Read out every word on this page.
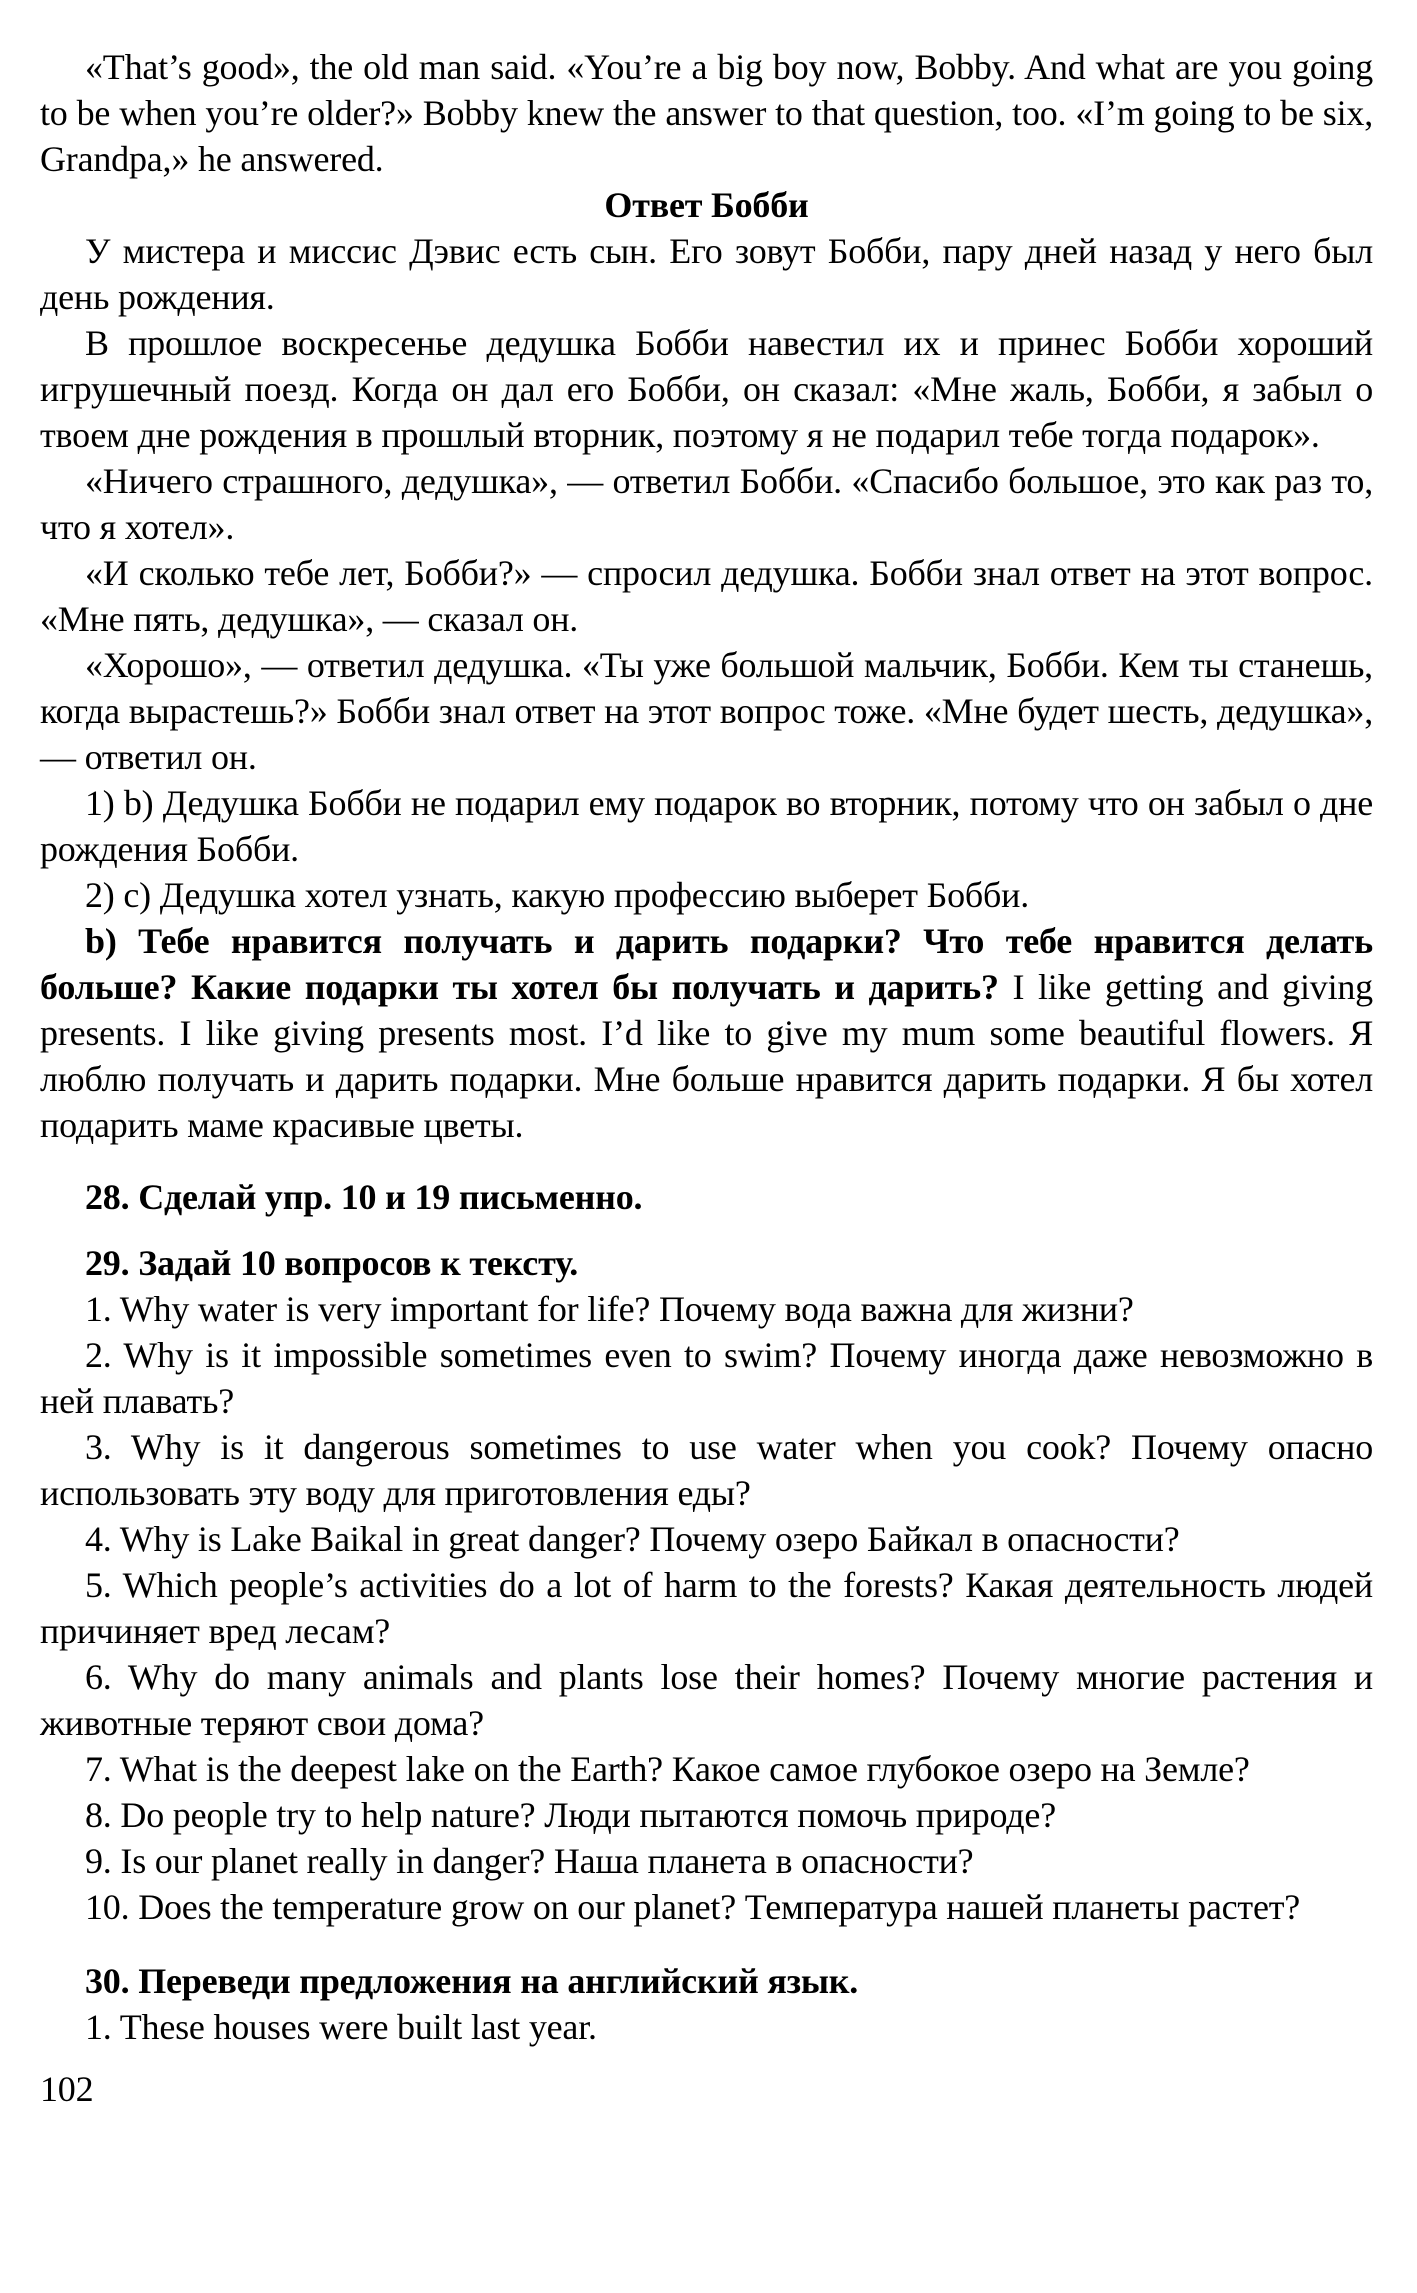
«That’s good», the old man said. «You’re a big boy now, Bobby. And what are you going to be when you’re older?» Bobby knew the answer to that question, too. «I’m going to be six, Grandpa,» he answered.

Ответ Бобби

У мистера и миссис Дэвис есть сын. Его зовут Бобби, пару дней назад у него был день рождения.

В прошлое воскресенье дедушка Бобби навестил их и принес Бобби хороший игрушечный поезд. Когда он дал его Бобби, он сказал: «Мне жаль, Бобби, я забыл о твоем дне рождения в прошлый вторник, поэтому я не подарил тебе тогда подарок».

«Ничего страшного, дедушка», — ответил Бобби. «Спасибо большое, это как раз то, что я хотел».

«И сколько тебе лет, Бобби?» — спросил дедушка. Бобби знал ответ на этот вопрос. «Мне пять, дедушка», — сказал он.

«Хорошо», — ответил дедушка. «Ты уже большой мальчик, Бобби. Кем ты станешь, когда вырастешь?» Бобби знал ответ на этот вопрос тоже. «Мне будет шесть, дедушка», — ответил он.

1) b) Дедушка Бобби не подарил ему подарок во вторник, потому что он забыл о дне рождения Бобби.

2) c) Дедушка хотел узнать, какую профессию выберет Бобби.

b) Тебе нравится получать и дарить подарки? Что тебе нравится делать больше? Какие подарки ты хотел бы получать и дарить? I like getting and giving presents. I like giving presents most. I’d like to give my mum some beautiful flowers. Я люблю получать и дарить подарки. Мне больше нравится дарить подарки. Я бы хотел подарить маме красивые цветы.

28. Сделай упр. 10 и 19 письменно.

29. Задай 10 вопросов к тексту.

1. Why water is very important for life? Почему вода важна для жизни?

2. Why is it impossible sometimes even to swim? Почему иногда даже невозможно в ней плавать?

3. Why is it dangerous sometimes to use water when you cook? Почему опасно использовать эту воду для приготовления еды?

4. Why is Lake Baikal in great danger? Почему озеро Байкал в опасности?

5. Which people’s activities do a lot of harm to the forests? Какая деятельность людей причиняет вред лесам?

6. Why do many animals and plants lose their homes? Почему многие растения и животные теряют свои дома?

7. What is the deepest lake on the Earth? Какое самое глубокое озеро на Земле?

8. Do people try to help nature? Люди пытаются помочь природе?

9. Is our planet really in danger? Наша планета в опасности?

10. Does the temperature grow on our planet? Температура нашей планеты растет?

30. Переведи предложения на английский язык.

1. These houses were built last year.

102
